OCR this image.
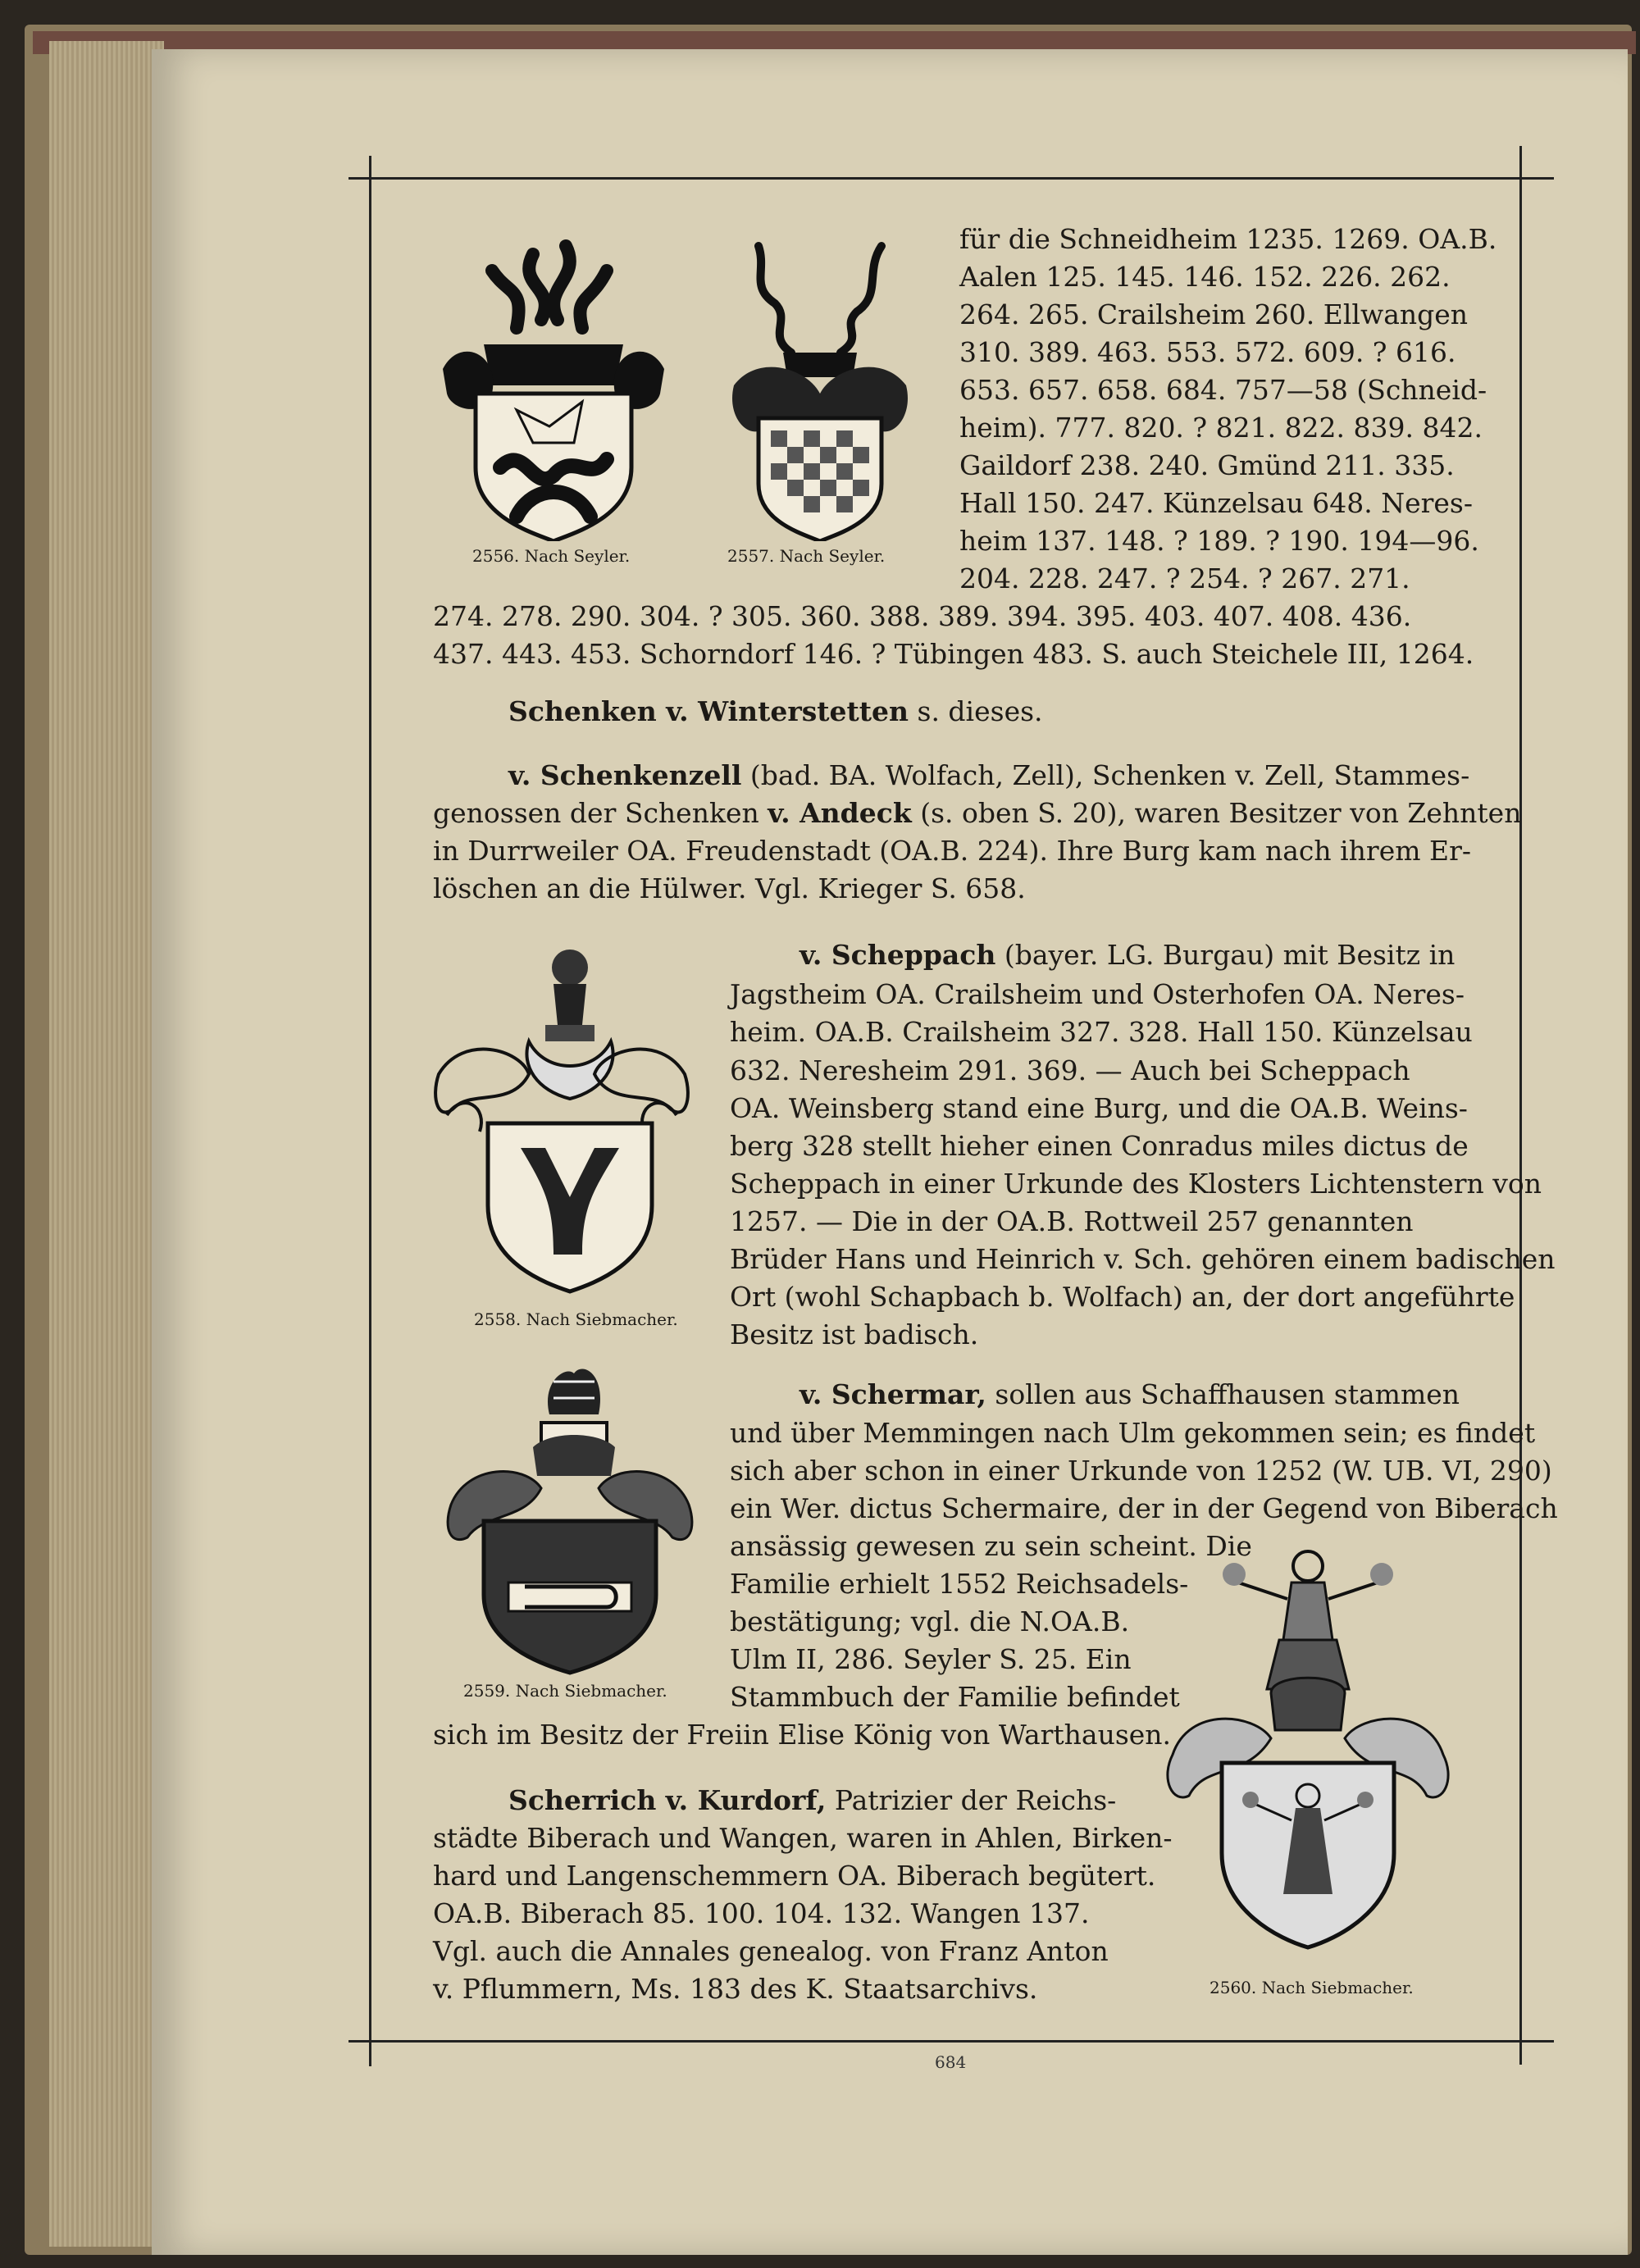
2556. Nach Seyler.	2557. Nach Seyler.
für die Schneidheim 1235. 1269. OA.B.
Aalen 125. 145. 146. 152. 226. 262.
264. 265. Crailsheim 260. Ellwangen
310. 389. 463. 553. 572. 609. ? 616.
653. 657. 658. 684. 757—58 (Schneid-
heim). 777. 820. ? 821. 822. 839. 842.
Gaildorf 238. 240. Gmünd 211. 335.
Hall 150. 247. Künzelsau 648. Neres-
heim 137. 148. ? 189. ? 190. 194—96.
204. 228. 247. ? 254. ? 267. 271.
274. 278. 290. 304. ? 305. 360. 388. 389. 394. 395. 403. 407. 408. 436.
437. 443. 453. Schorndorf 146. ? Tübingen 483. S. auch Steichele III, 1264.
Schenken v. Winterstetten s. dieses.
v. Schenkenzell (bad. BA. Wolfach, Zell), Schenken v. Zell, Stammes-
genossen der Schenken v. Andeck (s. oben S. 20), waren Besitzer von Zehnten
in Durrweiler OA. Freudenstadt (OA.B. 224). Ihre Burg kam nach ihrem Er-
löschen an die Hülwer. Vgl. Krieger S. 658.
2558. Nach Siebmacher.
v. Scheppach (bayer. LG. Burgau) mit Besitz in
Jagstheim OA. Crailsheim und Osterhofen OA. Neres-
heim. OA.B. Crailsheim 327. 328. Hall 150. Künzelsau
632. Neresheim 291. 369. — Auch bei Scheppach
OA. Weinsberg stand eine Burg, und die OA.B. Weins-
berg 328 stellt hieher einen Conradus miles dictus de
Scheppach in einer Urkunde des Klosters Lichtenstern von
1257. — Die in der OA.B. Rottweil 257 genannten
Brüder Hans und Heinrich v. Sch. gehören einem badischen
Ort (wohl Schapbach b. Wolfach) an, der dort angeführte
Besitz ist badisch.
2559. Nach Siebmacher.
v. Schermar, sollen aus Schaffhausen stammen
und über Memmingen nach Ulm gekommen sein; es findet
sich aber schon in einer Urkunde von 1252 (W. UB. VI, 290)
ein Wer. dictus Schermaire, der in der Gegend von Biberach
ansässig gewesen zu sein scheint. Die
Familie erhielt 1552 Reichsadels-
bestätigung; vgl. die N.OA.B.
Ulm II, 286. Seyler S. 25. Ein
Stammbuch der Familie befindet
sich im Besitz der Freiin Elise König von Warthausen.
2560. Nach Siebmacher.
Scherrich v. Kurdorf, Patrizier der Reichs-
städte Biberach und Wangen, waren in Ahlen, Birken-
hard und Langenschemmern OA. Biberach begütert.
OA.B. Biberach 85. 100. 104. 132. Wangen 137.
Vgl. auch die Annales genealog. von Franz Anton
v. Pflummern, Ms. 183 des K. Staatsarchivs.
684
